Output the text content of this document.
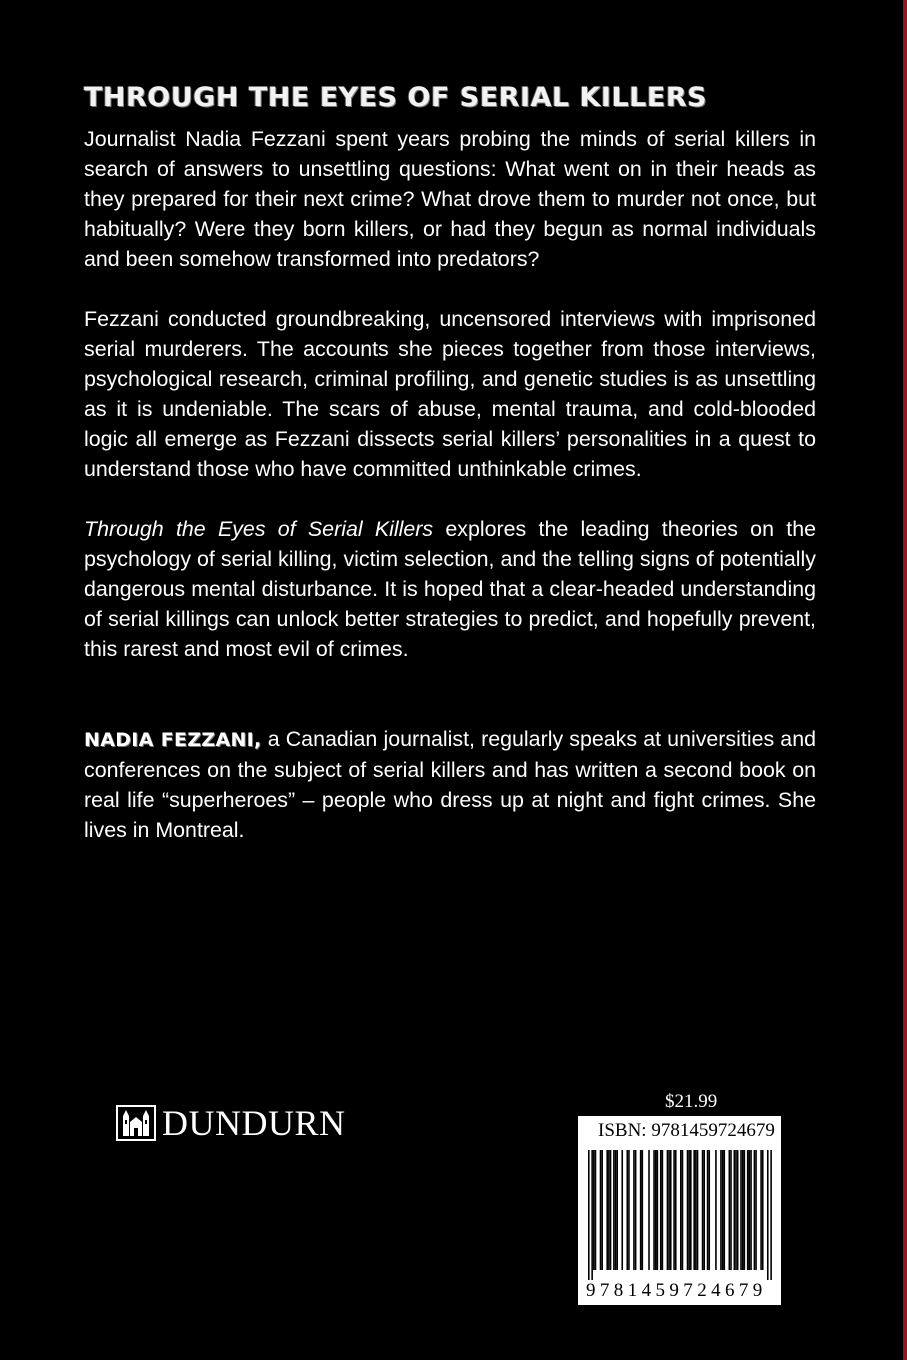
THROUGH THE EYES OF SERIAL KILLERS

Journalist Nadia Fezzani spent years probing the minds of serial killers in search of answers to unsettling questions: What went on in their heads as they prepared for their next crime? What drove them to murder not once, but habitually? Were they born killers, or had they begun as normal individuals and been somehow transformed into predators?

Fezzani conducted groundbreaking, uncensored interviews with imprisoned serial murderers. The accounts she pieces together from those interviews, psychological research, criminal profiling, and genetic studies is as unsettling as it is undeniable. The scars of abuse, mental trauma, and cold-blooded logic all emerge as Fezzani dissects serial killers’ personalities in a quest to understand those who have committed unthinkable crimes.

Through the Eyes of Serial Killers explores the leading theories on the psychology of serial killing, victim selection, and the telling signs of potentially dangerous mental disturbance. It is hoped that a clear-headed understanding of serial killings can unlock better strategies to predict, and hopefully prevent, this rarest and most evil of crimes.

NADIA FEZZANI, a Canadian journalist, regularly speaks at universities and conferences on the subject of serial killers and has written a second book on real life “superheroes” – people who dress up at night and fight crimes. She lives in Montreal.

DUNDURN
$21.99
ISBN: 9781459724679
9781459724679
